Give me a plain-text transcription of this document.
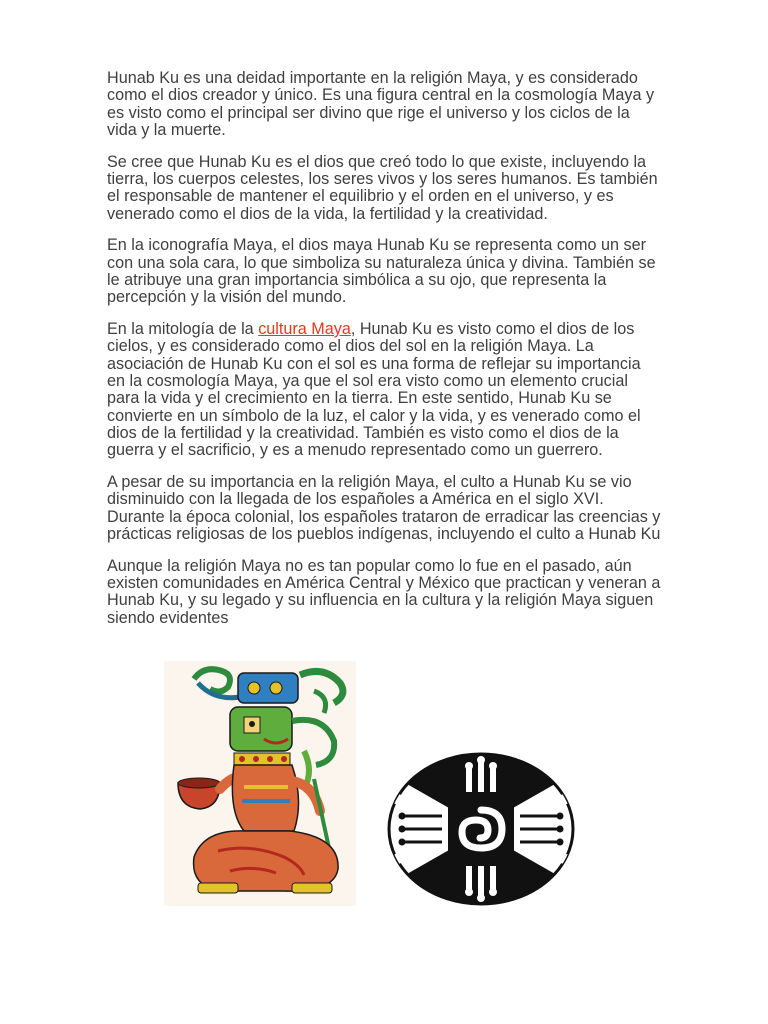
Hunab Ku es una deidad importante en la religión Maya, y es considerado como el dios creador y único. Es una figura central en la cosmología Maya y es visto como el principal ser divino que rige el universo y los ciclos de la vida y la muerte.

Se cree que Hunab Ku es el dios que creó todo lo que existe, incluyendo la tierra, los cuerpos celestes, los seres vivos y los seres humanos. Es también el responsable de mantener el equilibrio y el orden en el universo, y es venerado como el dios de la vida, la fertilidad y la creatividad.

En la iconografía Maya, el dios maya Hunab Ku se representa como un ser con una sola cara, lo que simboliza su naturaleza única y divina. También se le atribuye una gran importancia simbólica a su ojo, que representa la percepción y la visión del mundo.

En la mitología de la cultura Maya, Hunab Ku es visto como el dios de los cielos, y es considerado como el dios del sol en la religión Maya. La asociación de Hunab Ku con el sol es una forma de reflejar su importancia en la cosmología Maya, ya que el sol era visto como un elemento crucial para la vida y el crecimiento en la tierra. En este sentido, Hunab Ku se convierte en un símbolo de la luz, el calor y la vida, y es venerado como el dios de la fertilidad y la creatividad. También es visto como el dios de la guerra y el sacrificio, y es a menudo representado como un guerrero.

A pesar de su importancia en la religión Maya, el culto a Hunab Ku se vio disminuido con la llegada de los españoles a América en el siglo XVI. Durante la época colonial, los españoles trataron de erradicar las creencias y prácticas religiosas de los pueblos indígenas, incluyendo el culto a Hunab Ku

Aunque la religión Maya no es tan popular como lo fue en el pasado, aún existen comunidades en América Central y México que practican y veneran a Hunab Ku, y su legado y su influencia en la cultura y la religión Maya siguen siendo evidentes
